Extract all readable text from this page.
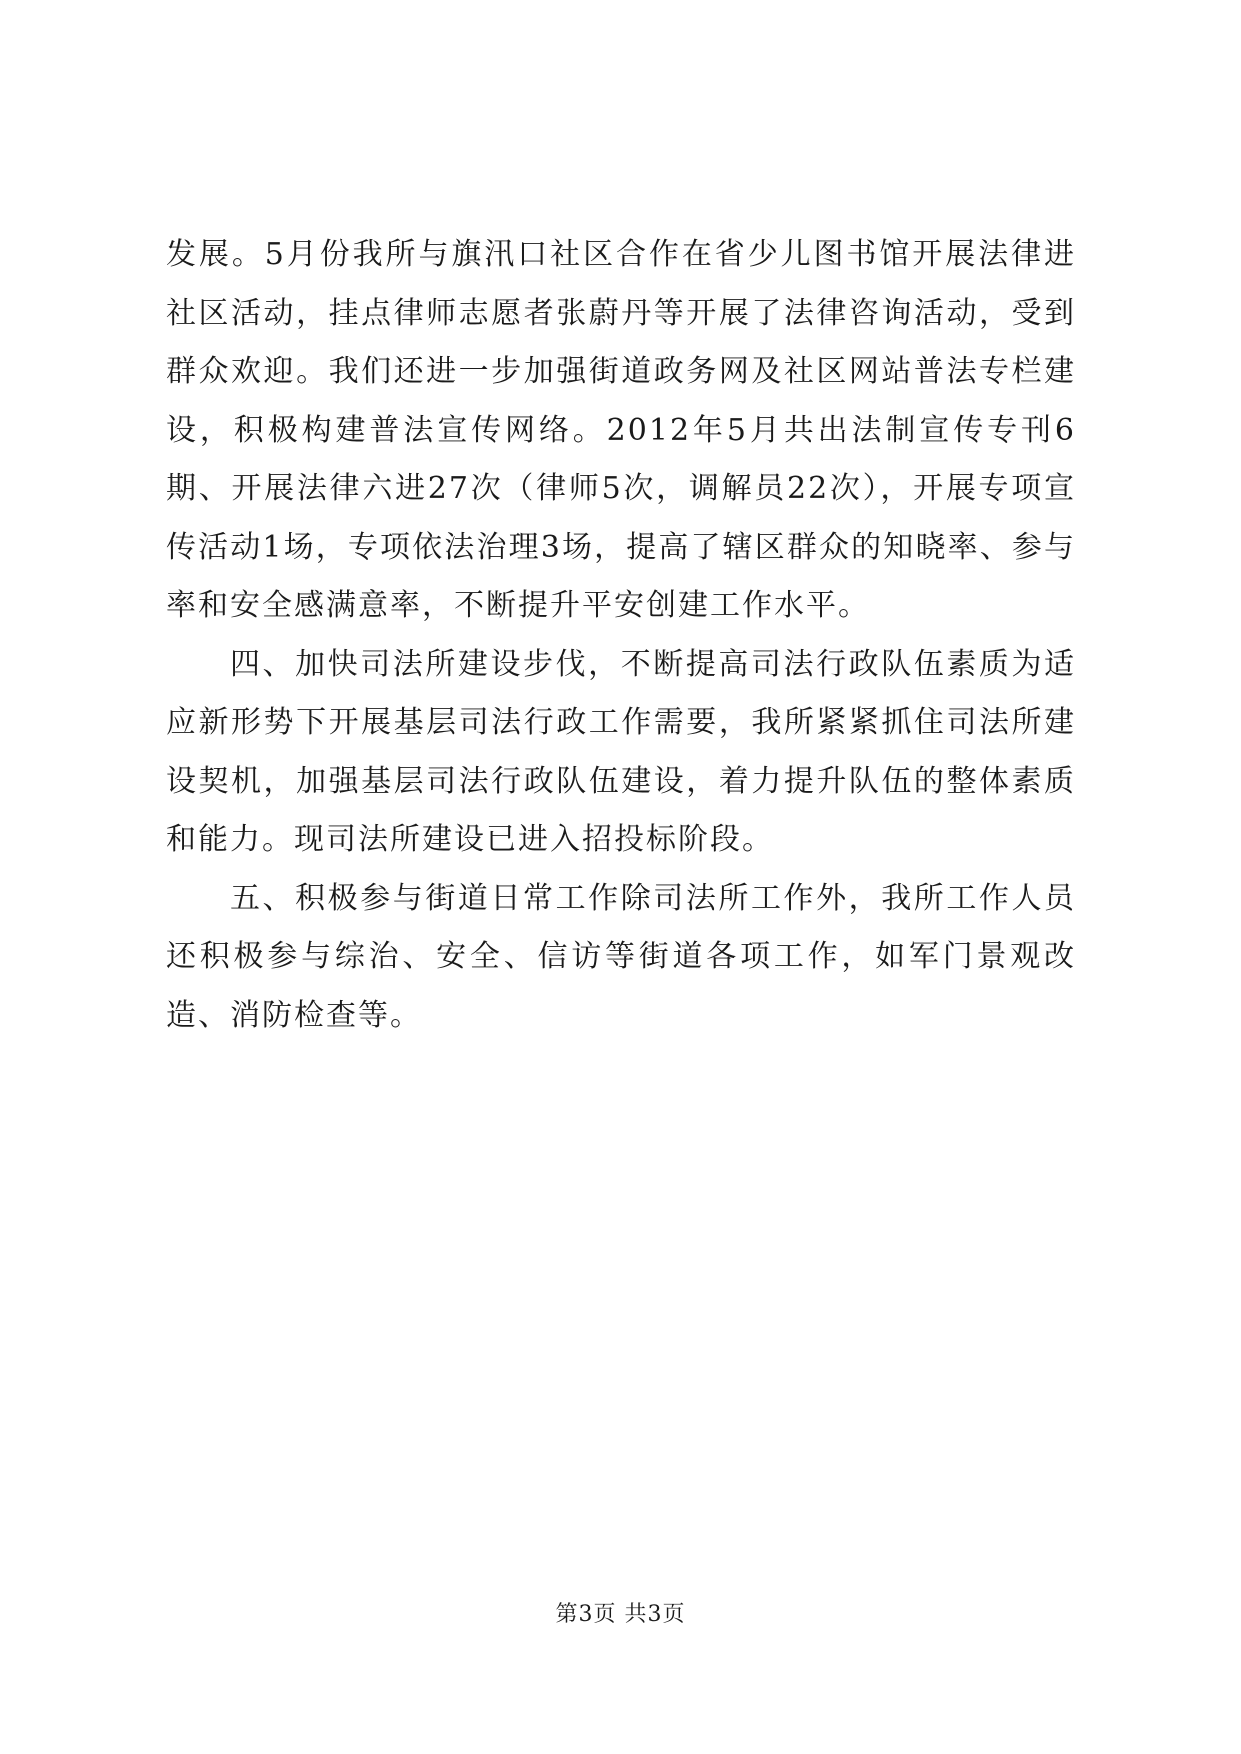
发展。5月份我所与旗汛口社区合作在省少儿图书馆开展法律进社区活动，挂点律师志愿者张蔚丹等开展了法律咨询活动，受到群众欢迎。我们还进一步加强街道政务网及社区网站普法专栏建设，积极构建普法宣传网络。2012年5月共出法制宣传专刊6期、开展法律六进27次（律师5次，调解员22次），开展专项宣传活动1场，专项依法治理3场，提高了辖区群众的知晓率、参与率和安全感满意率，不断提升平安创建工作水平。

四、加快司法所建设步伐，不断提高司法行政队伍素质为适应新形势下开展基层司法行政工作需要，我所紧紧抓住司法所建设契机，加强基层司法行政队伍建设，着力提升队伍的整体素质和能力。现司法所建设已进入招投标阶段。

五、积极参与街道日常工作除司法所工作外，我所工作人员还积极参与综治、安全、信访等街道各项工作，如军门景观改造、消防检查等。

第3页 共3页
